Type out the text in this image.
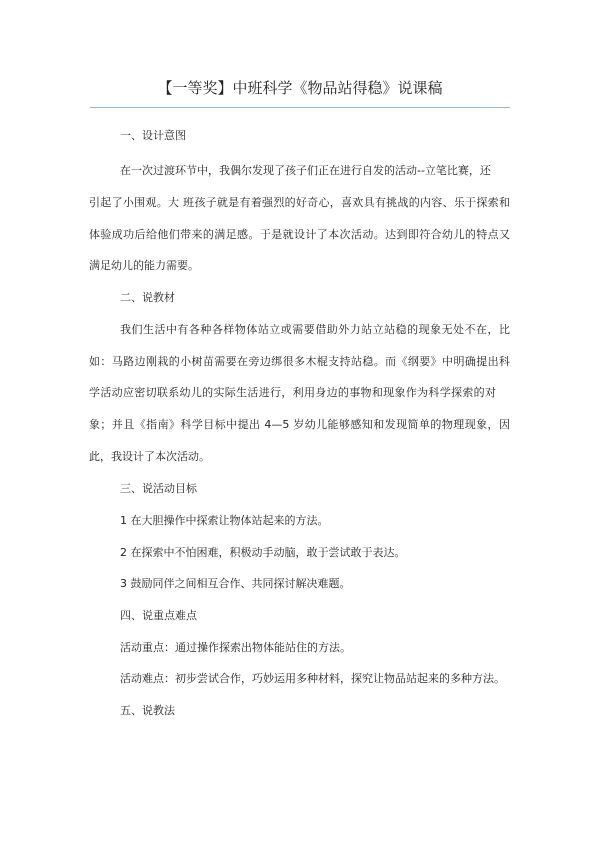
【一等奖】中班科学《物品站得稳》说课稿
一、设计意图
在一次过渡环节中，我偶尔发现了孩子们正在进行自发的活动--立笔比赛，还
引起了小围观。大 班孩子就是有着强烈的好奇心，喜欢具有挑战的内容、乐于探索和
体验成功后给他们带来的满足感。于是就设计了本次活动。达到即符合幼儿的特点又
满足幼儿的能力需要。
二、说教材
我们生活中有各种各样物体站立或需要借助外力站立站稳的现象无处不在，比
如：马路边刚栽的小树苗需要在旁边绑很多木棍支持站稳。而《纲要》中明确提出科
学活动应密切联系幼儿的实际生活进行，利用身边的事物和现象作为科学探索的对
象；并且《指南》科学目标中提出 4—5 岁幼儿能够感知和发现简单的物理现象，因
此，我设计了本次活动。
三、说活动目标
1 在大胆操作中探索让物体站起来的方法。
2 在探索中不怕困难，积极动手动脑，敢于尝试敢于表达。
3 鼓励同伴之间相互合作、共同探讨解决难题。
四、说重点难点
活动重点：通过操作探索出物体能站住的方法。
活动难点：初步尝试合作，巧妙运用多种材料，探究让物品站起来的多种方法。
五、说教法
